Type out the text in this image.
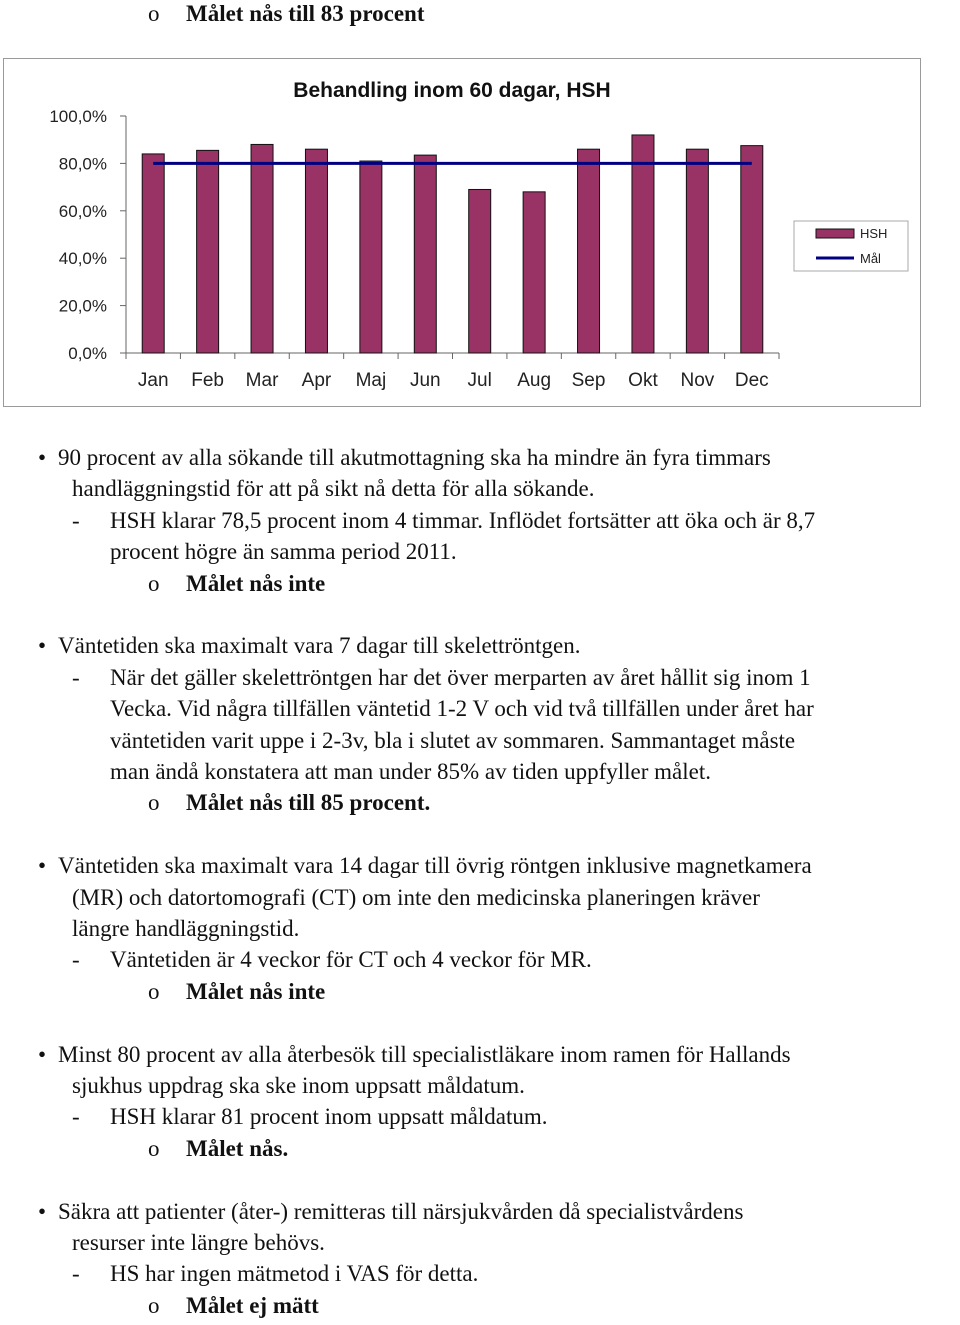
o Målet nås till 83 procent
Behandling inom 60 dagar, HSH
0,0%
20,0%
40,0%
60,0%
80,0%
100,0%
Jan Feb Mar Apr Maj Jun Jul Aug Sep Okt Nov Dec
HSH
Mål
• 90 procent av alla sökande till akutmottagning ska ha mindre än fyra timmars
handläggningstid för att på sikt nå detta för alla sökande.
- HSH klarar 78,5 procent inom 4 timmar. Inflödet fortsätter att öka och är 8,7
procent högre än samma period 2011.
o Målet nås inte
• Väntetiden ska maximalt vara 7 dagar till skelettröntgen.
- När det gäller skelettröntgen har det över merparten av året hållit sig inom 1
Vecka. Vid några tillfällen väntetid 1-2 V och vid två tillfällen under året har
väntetiden varit uppe i 2-3v, bla i slutet av sommaren. Sammantaget måste
man ändå konstatera att man under 85% av tiden uppfyller målet.
o Målet nås till 85 procent.
• Väntetiden ska maximalt vara 14 dagar till övrig röntgen inklusive magnetkamera
(MR) och datortomografi (CT) om inte den medicinska planeringen kräver
längre handläggningstid.
- Väntetiden är 4 veckor för CT och 4 veckor för MR.
o Målet nås inte
• Minst 80 procent av alla återbesök till specialistläkare inom ramen för Hallands
sjukhus uppdrag ska ske inom uppsatt måldatum.
- HSH klarar 81 procent inom uppsatt måldatum.
o Målet nås.
• Säkra att patienter (åter-) remitteras till närsjukvården då specialistvårdens
resurser inte längre behövs.
- HS har ingen mätmetod i VAS för detta.
o Målet ej mätt
